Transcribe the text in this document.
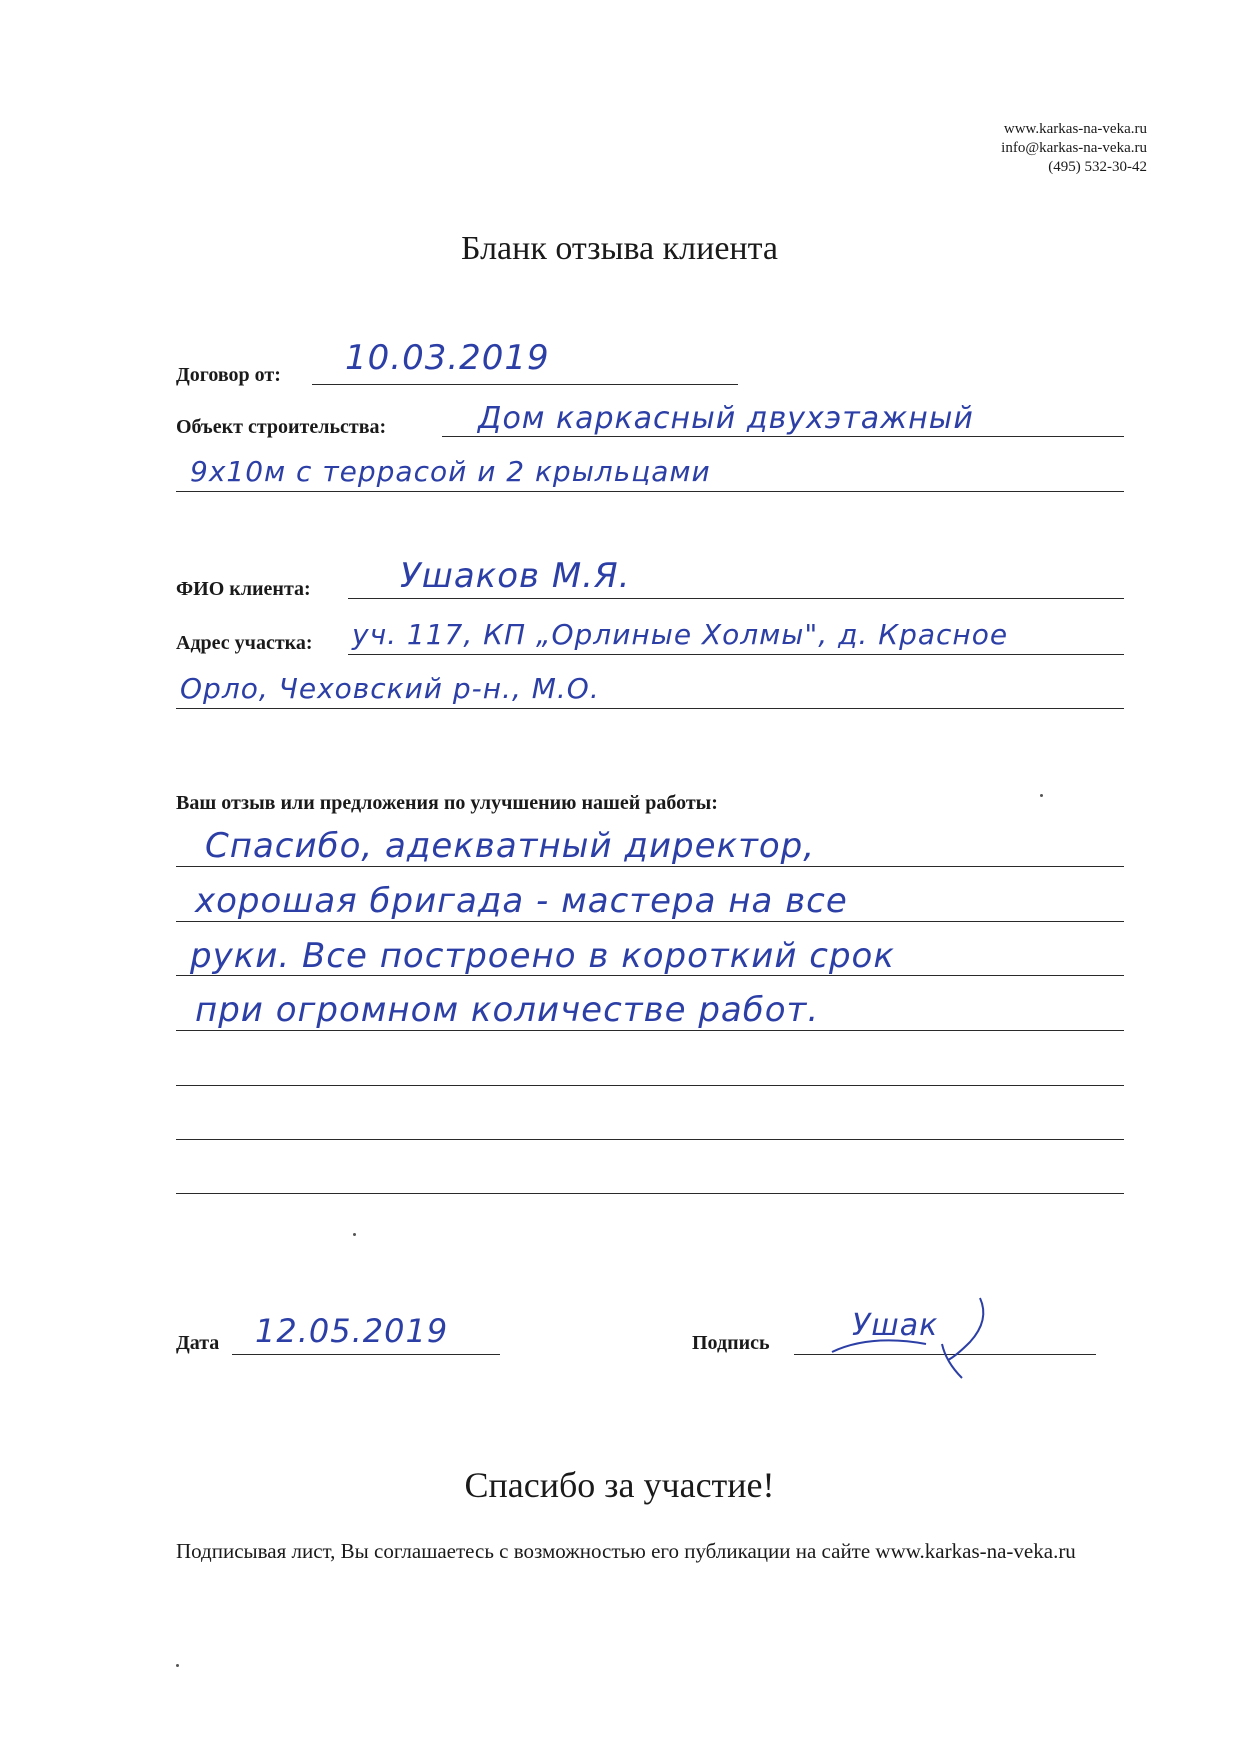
www.karkas-na-veka.ru
info@karkas-na-veka.ru
(495) 532-30-42
Бланк отзыва клиента
Договор от: 10.03.2019
Объект строительства:	Дом каркасный двухэтажный
9х10м с террасой и 2 крыльцами
ФИО клиента:	Ушаков М.Я.
Адрес участка: уч. 117, КП „Орлиные Холмы", д. Красное
Орло, Чеховский р-н., М.О.
Ваш отзыв или предложения по улучшению нашей работы:
Спасибо, адекватный директор,
хорошая бригада - мастера на все
руки. Все построено в короткий срок
при огромном количестве работ.
Дата 12.05.2019	Подпись	Ушак
Спасибо за участие!
Подписывая лист, Вы соглашаетесь с возможностью его публикации на сайте www.karkas-na-veka.ru
